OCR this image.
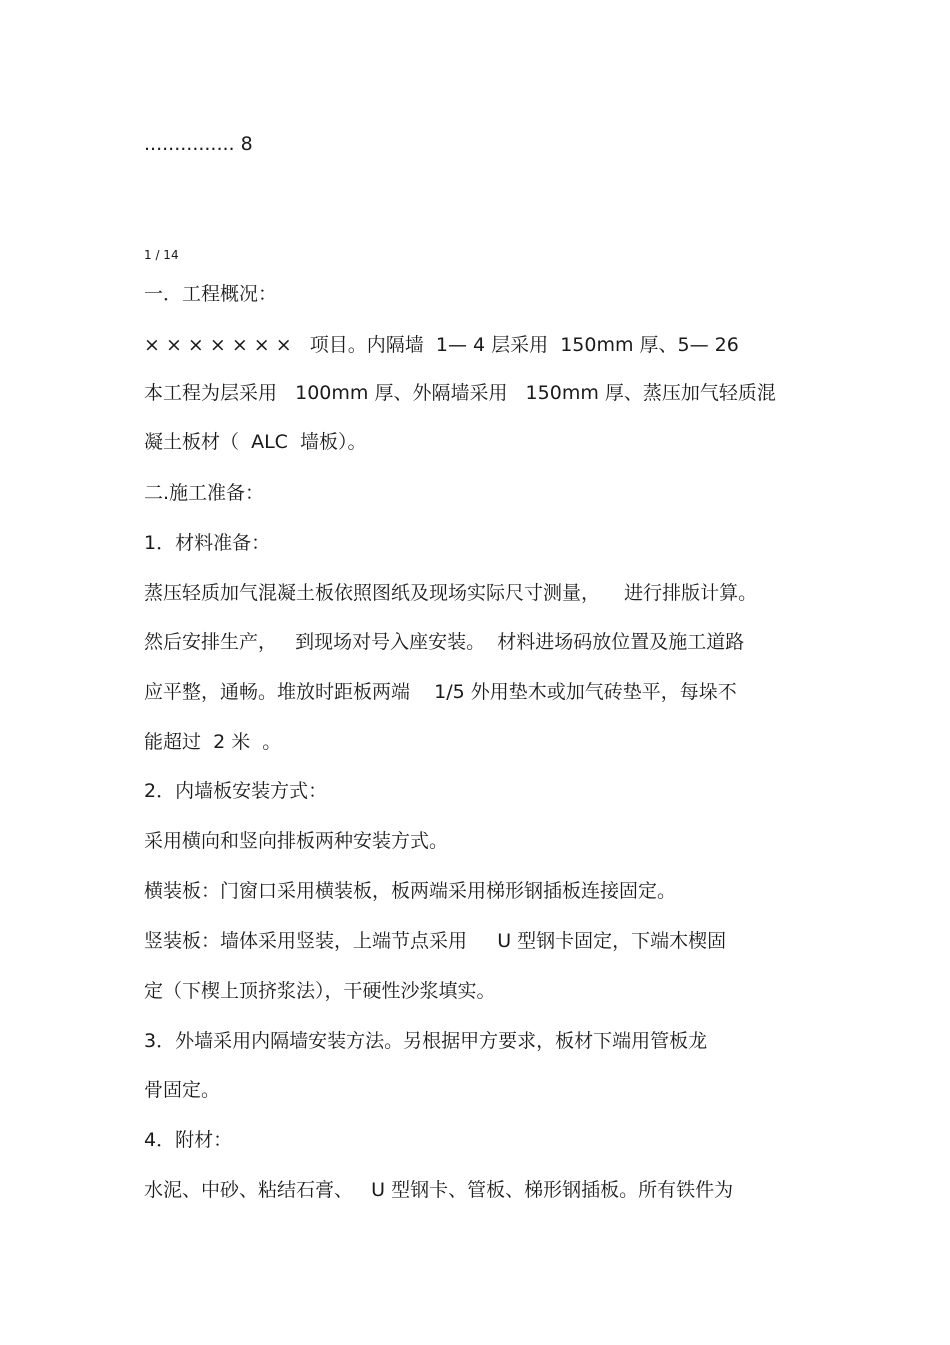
............... 8
1 / 14
一．工程概况：
× × × × × × ×   项目。内隔墙  1— 4 层采用  150mm 厚、5— 26
本工程为层采用   100mm 厚、外隔墙采用   150mm 厚、蒸压加气轻质混
凝土板材（  ALC  墙板）。
二.施工准备：
1．材料准备：
蒸压轻质加气混凝土板依照图纸及现场实际尺寸测量，    进行排版计算。
然后安排生产，   到现场对号入座安装。  材料进场码放位置及施工道路
应平整，通畅。堆放时距板两端    1/5 外用垫木或加气砖垫平，每垛不
能超过  2 米  。
2．内墙板安装方式：
采用横向和竖向排板两种安装方式。
横装板：门窗口采用横装板，板两端采用梯形钢插板连接固定。
竖装板：墙体采用竖装，上端节点采用     U 型钢卡固定，下端木楔固
定（下楔上顶挤浆法），干硬性沙浆填实。
3．外墙采用内隔墙安装方法。另根据甲方要求，板材下端用管板龙
骨固定。
4．附材：
水泥、中砂、粘结石膏、   U 型钢卡、管板、梯形钢插板。所有铁件为
